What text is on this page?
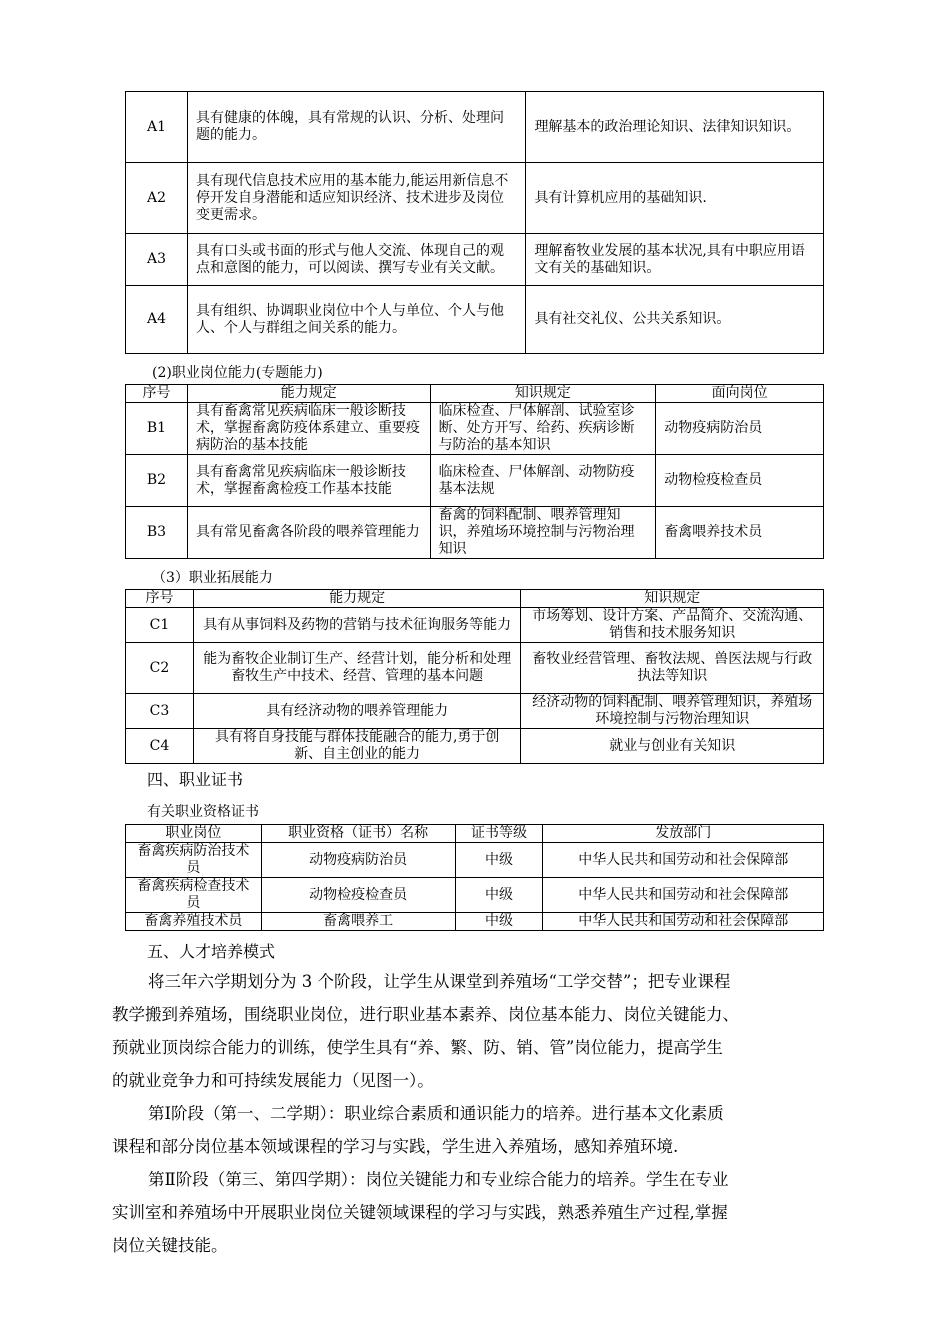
A1	具有健康的体魄，具有常规的认识、分析、处理问题的能力。	理解基本的政治理论知识、法律知识知识。
A2	具有现代信息技术应用的基本能力,能运用新信息不停开发自身潜能和适应知识经济、技术进步及岗位变更需求。	具有计算机应用的基础知识.
A3	具有口头或书面的形式与他人交流、体现自己的观点和意图的能力，可以阅读、撰写专业有关文献。	理解畜牧业发展的基本状况,具有中职应用语文有关的基础知识。
A4	具有组织、协调职业岗位中个人与单位、个人与他人、个人与群组之间关系的能力。	具有社交礼仪、公共关系知识。
(2)职业岗位能力(专题能力)
序号	能力规定	知识规定	面向岗位
B1	具有畜禽常见疾病临床一般诊断技术，掌握畜禽防疫体系建立、重要疫病防治的基本技能	临床检查、尸体解剖、试验室诊断、处方开写、给药、疾病诊断与防治的基本知识	动物疫病防治员
B2	具有畜禽常见疾病临床一般诊断技术，掌握畜禽检疫工作基本技能	临床检查、尸体解剖、动物防疫基本法规	动物检疫检查员
B3	具有常见畜禽各阶段的喂养管理能力	畜禽的饲料配制、喂养管理知识，养殖场环境控制与污物治理知识	畜禽喂养技术员
（3）职业拓展能力
序号	能力规定	知识规定
C1	具有从事饲料及药物的营销与技术征询服务等能力	市场筹划、设计方案、产品简介、交流沟通、销售和技术服务知识
C2	能为畜牧企业制订生产、经营计划，能分析和处理畜牧生产中技术、经营、管理的基本问题	畜牧业经营管理、畜牧法规、兽医法规与行政执法等知识
C3	具有经济动物的喂养管理能力	经济动物的饲料配制、喂养管理知识，养殖场环境控制与污物治理知识
C4	具有将自身技能与群体技能融合的能力,勇于创新、自主创业的能力	就业与创业有关知识
四、职业证书
有关职业资格证书
职业岗位	职业资格（证书）名称	证书等级	发放部门
畜禽疾病防治技术员	动物疫病防治员	中级	中华人民共和国劳动和社会保障部
畜禽疾病检查技术员	动物检疫检查员	中级	中华人民共和国劳动和社会保障部
畜禽养殖技术员	畜禽喂养工	中级	中华人民共和国劳动和社会保障部
五、人才培养模式
将三年六学期划分为 3 个阶段，让学生从课堂到养殖场“工学交替”；把专业课程
教学搬到养殖场，围绕职业岗位，进行职业基本素养、岗位基本能力、岗位关键能力、
预就业顶岗综合能力的训练，使学生具有“养、繁、防、销、管”岗位能力，提高学生
的就业竞争力和可持续发展能力（见图一）。
第Ⅰ阶段（第一、二学期）：职业综合素质和通识能力的培养。进行基本文化素质
课程和部分岗位基本领域课程的学习与实践，学生进入养殖场，感知养殖环境.
第Ⅱ阶段（第三、第四学期）：岗位关键能力和专业综合能力的培养。学生在专业
实训室和养殖场中开展职业岗位关键领域课程的学习与实践，熟悉养殖生产过程,掌握
岗位关键技能。
